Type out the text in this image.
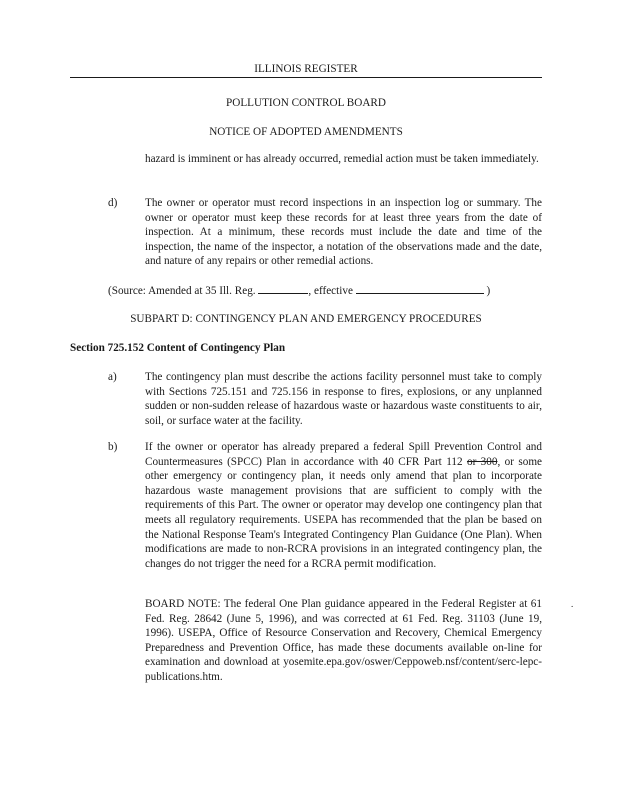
ILLINOIS REGISTER
POLLUTION CONTROL BOARD
NOTICE OF ADOPTED AMENDMENTS
hazard is imminent or has already occurred, remedial action must be taken immediately.
d) The owner or operator must record inspections in an inspection log or summary. The owner or operator must keep these records for at least three years from the date of inspection. At a minimum, these records must include the date and time of the inspection, the name of the inspector, a notation of the observations made and the date, and nature of any repairs or other remedial actions.
(Source: Amended at 35 Ill. Reg.	, effective	)
SUBPART D: CONTINGENCY PLAN AND EMERGENCY PROCEDURES
Section 725.152 Content of Contingency Plan
a)	The contingency plan must describe the actions facility personnel must take to comply with Sections 725.151 and 725.156 in response to fires, explosions, or any unplanned sudden or non-sudden release of hazardous waste or hazardous waste constituents to air, soil, or surface water at the facility.
b) If the owner or operator has already prepared a federal Spill Prevention Control and Countermeasures (SPCC) Plan in accordance with 40 CFR Part 112 or 300, or some other emergency or contingency plan, it needs only amend that plan to incorporate hazardous waste management provisions that are sufficient to comply with the requirements of this Part. The owner or operator may develop one contingency plan that meets all regulatory requirements. USEPA has recommended that the plan be based on the National Response Team's Integrated Contingency Plan Guidance (One Plan). When modifications are made to non-RCRA provisions in an integrated contingency plan, the changes do not trigger the need for a RCRA permit modification.
BOARD NOTE: The federal One Plan guidance appeared in the Federal Register at 61 Fed. Reg. 28642 (June 5, 1996), and was corrected at 61 Fed. Reg. 31103 (June 19, 1996). USEPA, Office of Resource Conservation and Recovery, Chemical Emergency Preparedness and Prevention Office, has made these documents available on-line for examination and download at yosemite.epa.gov/oswer/Ceppoweb.nsf/content/serc-lepc-publications.htm.
.
